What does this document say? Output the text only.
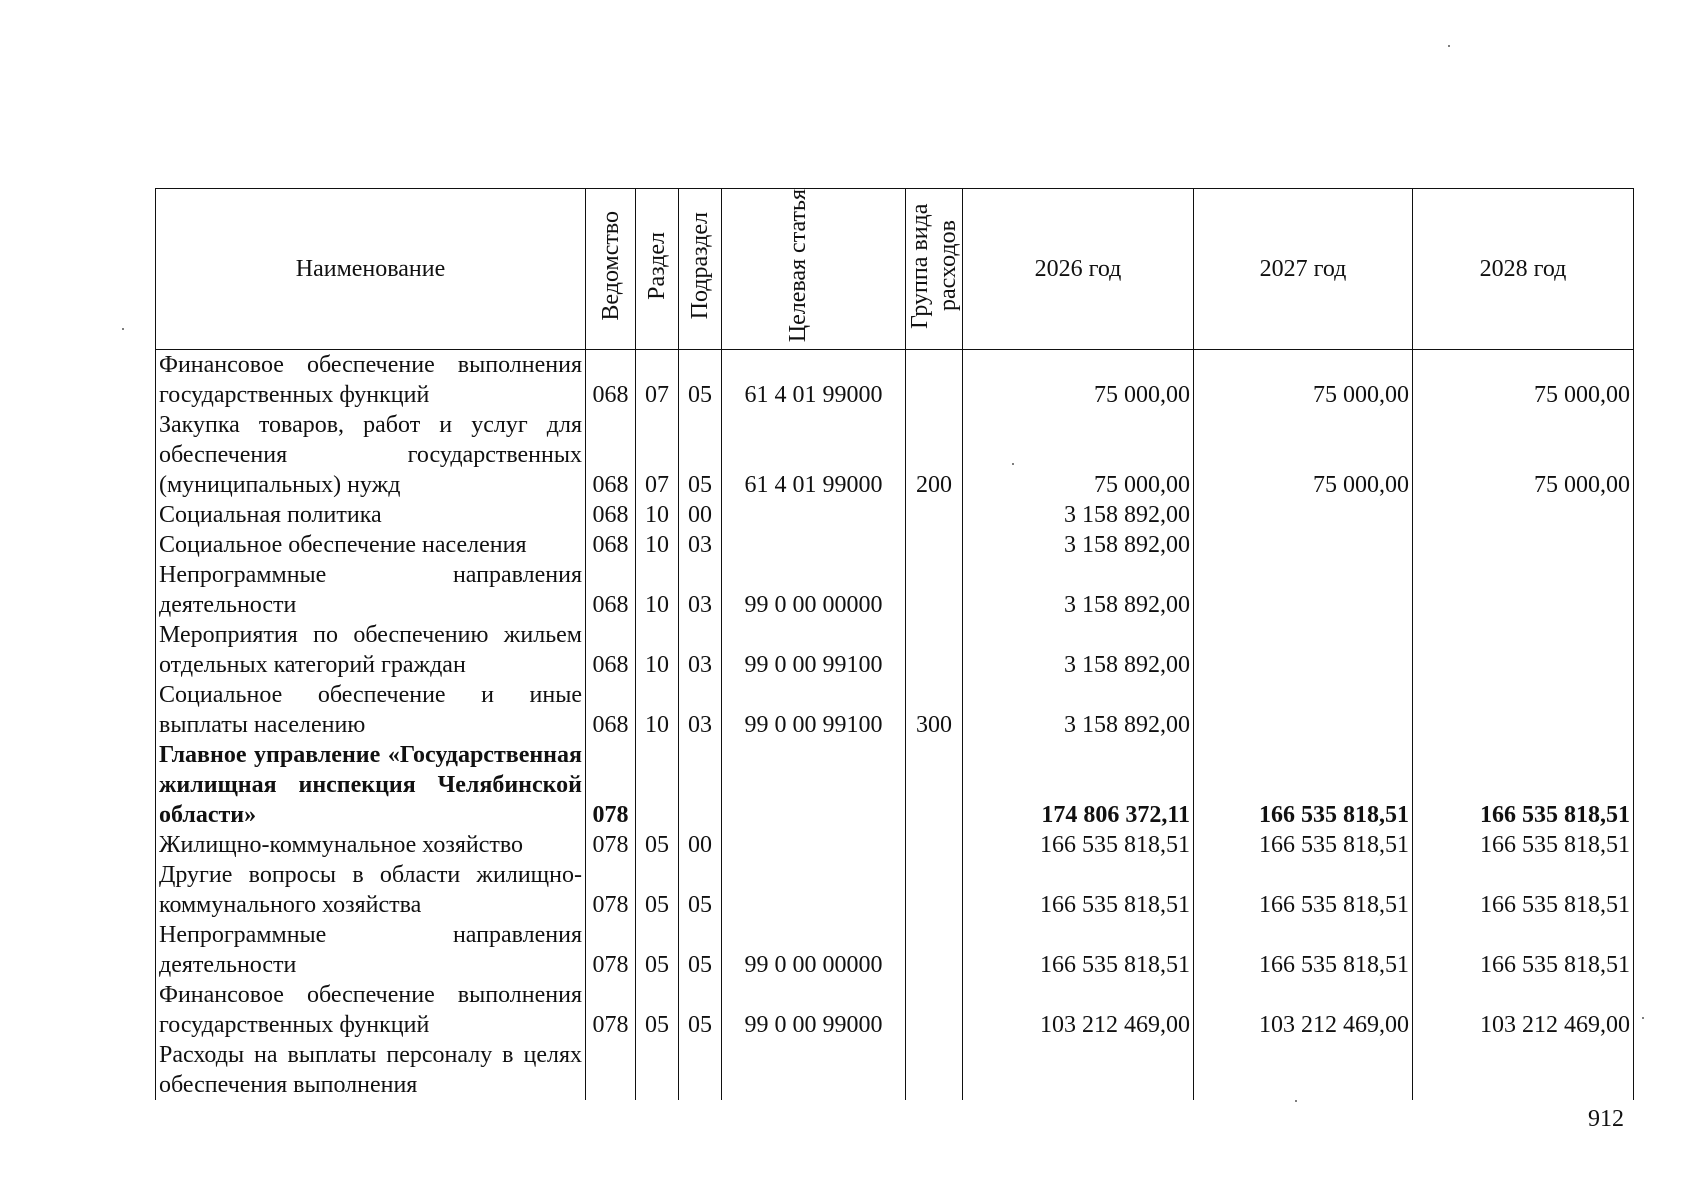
Наименование	Ведомство	Раздел	Подраздел	Целевая статья	Группа вида расходов	2026 год	2027 год	2028 год
Финансовое обеспечение выполнения государственных функций	068	07	05	61 4 01 99000		75 000,00	75 000,00	75 000,00
Закупка товаров, работ и услуг для обеспечения государственных (муниципальных) нужд	068	07	05	61 4 01 99000	200	75 000,00	75 000,00	75 000,00
Социальная политика	068	10	00			3 158 892,00		
Социальное обеспечение населения	068	10	03			3 158 892,00		
Непрограммные направления деятельности	068	10	03	99 0 00 00000		3 158 892,00		
Мероприятия по обеспечению жильем отдельных категорий граждан	068	10	03	99 0 00 99100		3 158 892,00		
Социальное обеспечение и иные выплаты населению	068	10	03	99 0 00 99100	300	3 158 892,00		
Главное управление «Государственная жилищная инспекция Челябинской области»	078					174 806 372,11	166 535 818,51	166 535 818,51
Жилищно-коммунальное хозяйство	078	05	00			166 535 818,51	166 535 818,51	166 535 818,51
Другие вопросы в области жилищно-коммунального хозяйства	078	05	05			166 535 818,51	166 535 818,51	166 535 818,51
Непрограммные направления деятельности	078	05	05	99 0 00 00000		166 535 818,51	166 535 818,51	166 535 818,51
Финансовое обеспечение выполнения государственных функций	078	05	05	99 0 00 99000		103 212 469,00	103 212 469,00	103 212 469,00
Расходы на выплаты персоналу в целях обеспечения выполнения								
912
